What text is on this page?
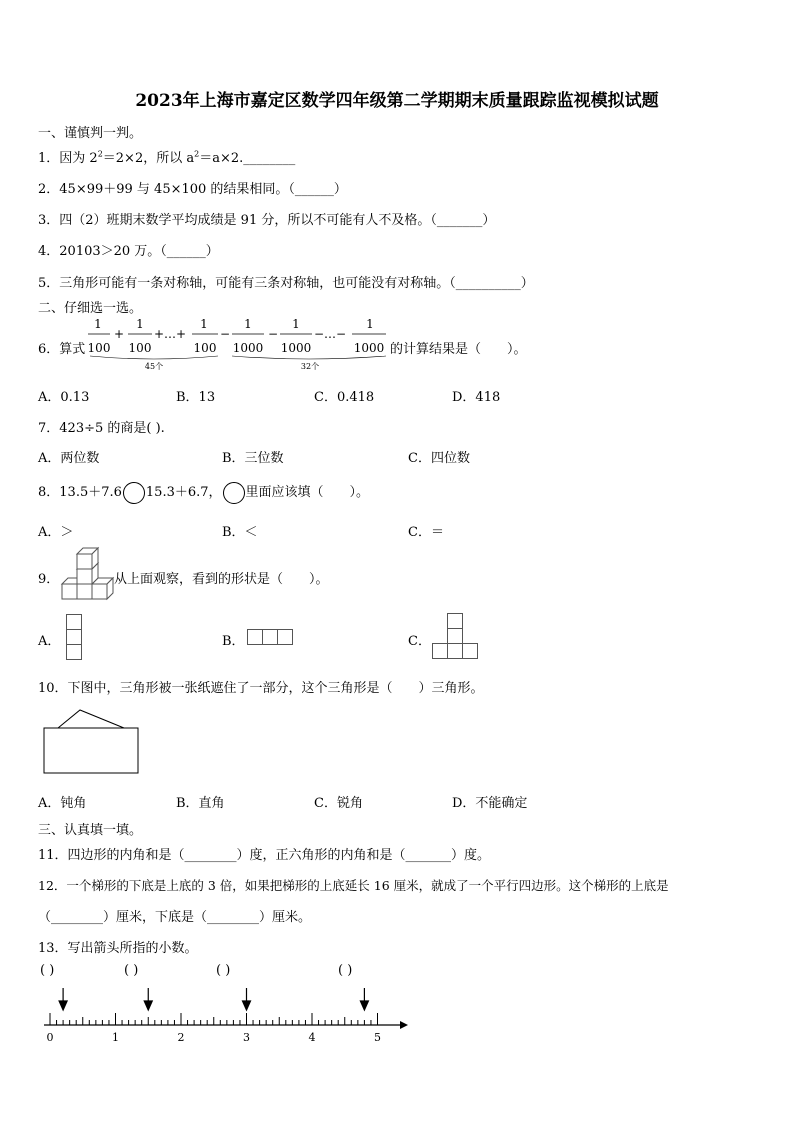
2023年上海市嘉定区数学四年级第二学期期末质量跟踪监视模拟试题
一、谨慎判一判。
1．因为 $2^2=2\times 2$，所以 $a^2=a\times 2.\_\_\_\_\_\_\_\_$
2．45×99＋99 与 45×100 的结果相同。（______）
3．四（2）班期末数学平均成绩是 91 分，所以不可能有人不及格。（_______）
4．20103＞20 万。（______）
5．三角形可能有一条对称轴，可能有三条对称轴，也可能没有对称轴。（__________）
二、仔细选一选。
6．算式
1
100
+
1
100
+…+
1
100
−
1
1000
−
1
1000
−…−
1
1000
45个	32个
的计算结果是（　　）。
A．0.13	B．13	C．0.418	D．418
7．423÷5 的商是( ).
A．两位数	B．三位数	C．四位数
8．13.5＋7.6 15.3＋6.7， 里面应该填（　　）。
A．＞	B．＜	C．＝
9．	从上面观察，看到的形状是（　　）。
A．	B．	C．
10．下图中，三角形被一张纸遮住了一部分，这个三角形是（　　）三角形。
A．钝角	B．直角	C．锐角	D．不能确定
三、认真填一填。
11．四边形的内角和是（________）度，正六角形的内角和是（_______）度。
12．一个梯形的下底是上底的 3 倍，如果把梯形的上底延长 16 厘米，就成了一个平行四边形。这个梯形的上底是
（________）厘米，下底是（________）厘米。
13．写出箭头所指的小数。
( )	( )	( )	( )
0	1	2	3	4	5
